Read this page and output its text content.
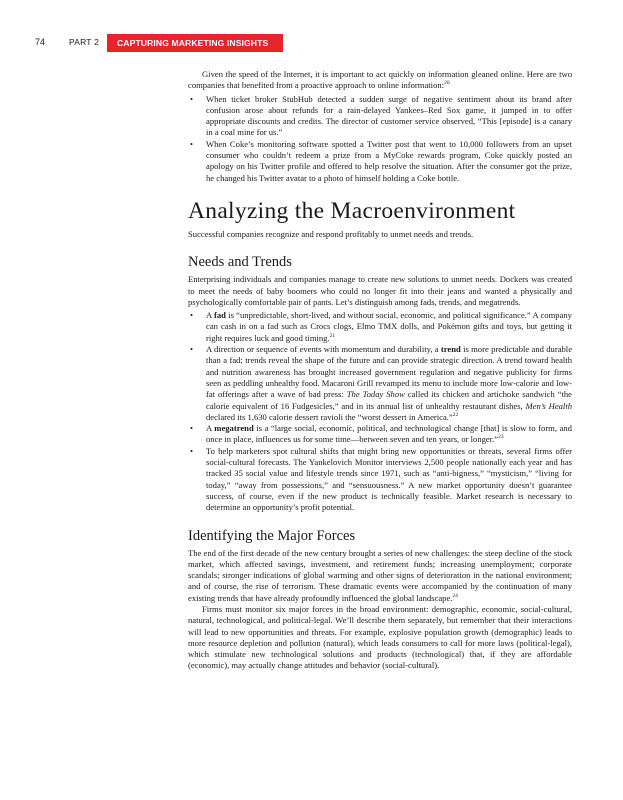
74	PART 2 CAPTURING MARKETING INSIGHTS

Given the speed of the Internet, it is important to act quickly on information gleaned online. Here are two companies that benefited from a proactive approach to online information:$^{20}$

• When ticket broker StubHub detected a sudden surge of negative sentiment about its brand after confusion arose about refunds for a rain-delayed Yankees–Red Sox game, it jumped in to offer appropriate discounts and credits. The director of customer service observed, “This [episode] is a canary in a coal mine for us.”
• When Coke’s monitoring software spotted a Twitter post that went to 10,000 followers from an upset consumer who couldn’t redeem a prize from a MyCoke rewards program, Coke quickly posted an apology on his Twitter profile and offered to help resolve the situation. After the consumer got the prize, he changed his Twitter avatar to a photo of himself holding a Coke bottle.
Analyzing the Macroenvironment

Successful companies recognize and respond profitably to unmet needs and trends.

Needs and Trends

Enterprising individuals and companies manage to create new solutions to unmet needs. Dockers was created to meet the needs of baby boomers who could no longer fit into their jeans and wanted a physically and psychologically comfortable pair of pants. Let’s distinguish among fads, trends, and megatrends.

• A fad is “unpredictable, short-lived, and without social, economic, and political significance.” A company can cash in on a fad such as Crocs clogs, Elmo TMX dolls, and Pokémon gifts and toys, but getting it right requires luck and good timing.$^{21}$
• A direction or sequence of events with momentum and durability, a trend is more predictable and durable than a fad; trends reveal the shape of the future and can provide strategic direction. A trend toward health and nutrition awareness has brought increased government regulation and negative publicity for firms seen as peddling unhealthy food. Macaroni Grill revamped its menu to include more low-calorie and low-fat offerings after a wave of bad press: The Today Show called its chicken and artichoke sandwich “the calorie equivalent of 16 Fudgesicles,” and in its annual list of unhealthy restaurant dishes, Men’s Health declared its 1,630 calorie dessert ravioli the “worst dessert in America.”$^{22}$
• A megatrend is a “large social, economic, political, and technological change [that] is slow to form, and once in place, influences us for some time—between seven and ten years, or longer.”$^{23}$
• To help marketers spot cultural shifts that might bring new opportunities or threats, several firms offer social-cultural forecasts. The Yankelovich Monitor interviews 2,500 people nationally each year and has tracked 35 social value and lifestyle trends since 1971, such as “anti-bigness,” “mysticism,” “living for today,” “away from possessions,” and “sensuousness.” A new market opportunity doesn’t guarantee success, of course, even if the new product is technically feasible. Market research is necessary to determine an opportunity’s profit potential.
Identifying the Major Forces

The end of the first decade of the new century brought a series of new challenges: the steep decline of the stock market, which affected savings, investment, and retirement funds; increasing unemployment; corporate scandals; stronger indications of global warming and other signs of deterioration in the national environment; and of course, the rise of terrorism. These dramatic events were accompanied by the continuation of many existing trends that have already profoundly influenced the global landscape.$^{24}$

Firms must monitor six major forces in the broad environment: demographic, economic, social-cultural, natural, technological, and political-legal. We’ll describe them separately, but remember that their interactions will lead to new opportunities and threats. For example, explosive population growth (demographic) leads to more resource depletion and pollution (natural), which leads consumers to call for more laws (political-legal), which stimulate new technological solutions and products (technological) that, if they are affordable (economic), may actually change attitudes and behavior (social-cultural).
